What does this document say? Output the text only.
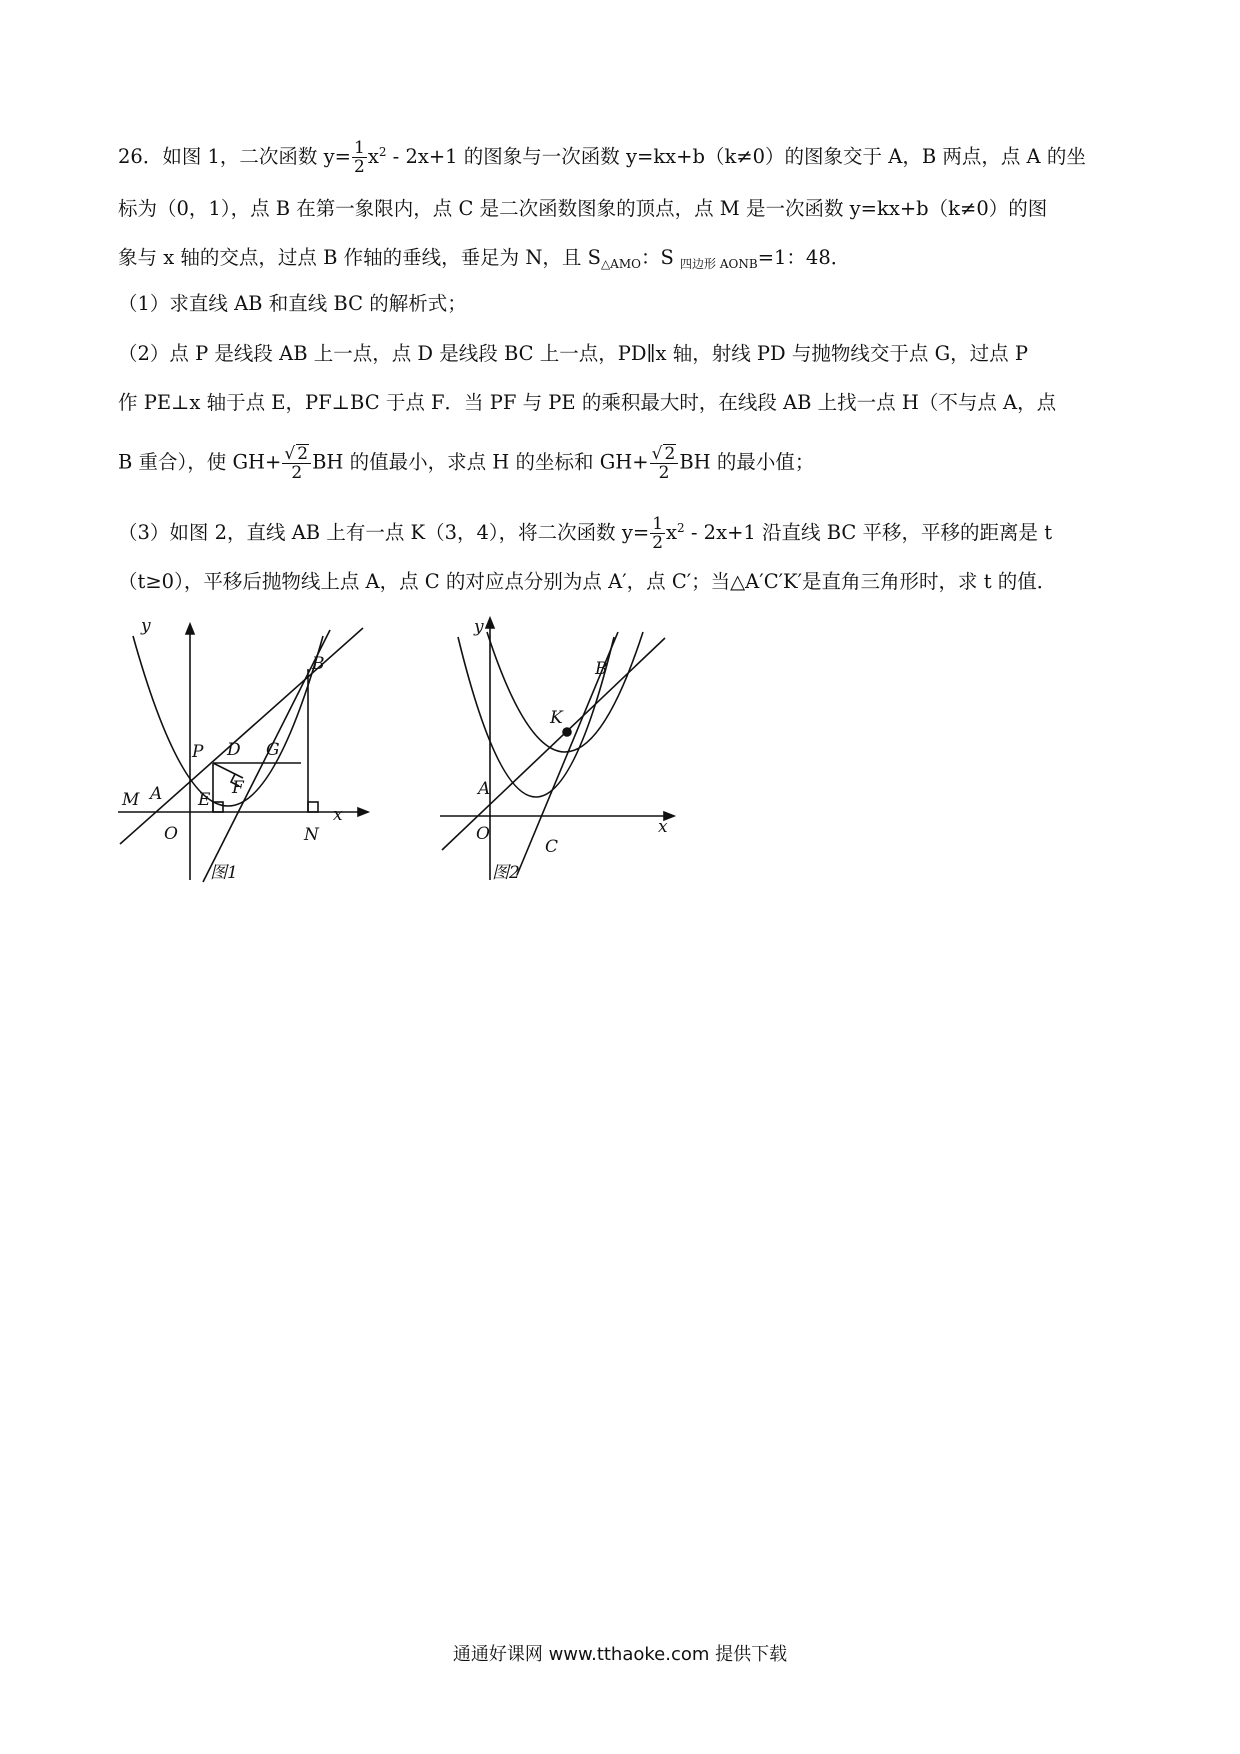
26．如图 1，二次函数 $y= \frac{1}{2} x^2 - 2x+1$ 的图象与一次函数 y=kx+b（k≠0）的图象交于 A，B 两点，点 A 的坐
标为（0，1），点 B 在第一象限内，点 C 是二次函数图象的顶点，点 M 是一次函数 y=kx+b（k≠0）的图
象与 x 轴的交点，过点 B 作轴的垂线，垂足为 N，且 $S_{\triangle AMO}$：S $_{四边形 AONB}$=1：48．
（1）求直线 AB 和直线 BC 的解析式；
（2）点 P 是线段 AB 上一点，点 D 是线段 BC 上一点，PD∥x 轴，射线 PD 与抛物线交于点 G，过点 P
作 PE⊥x 轴于点 E，PF⊥BC 于点 F．当 PF 与 PE 的乘积最大时，在线段 AB 上找一点 H（不与点 A，点
B 重合），使 $GH+ \frac{√ 2}{2}$ BH 的值最小，求点 H 的坐标和 $GH+ \frac{√ 2}{2}$ BH 的最小值；
（3）如图 2，直线 AB 上有一点 K（3，4），将二次函数 $y= \frac{1}{2} x^2 - 2x+1$ 沿直线 BC 平移，平移的距离是 t
（t≥0），平移后抛物线上点 A，点 C 的对应点分别为点 A′，点 C′；当△A′C′K′是直角三角形时，求 t 的值．
y
x
B
P D G
F
M A E
O	N
图1
y
x
B
K
A
O
C
图2
通通好课网 www.tthaoke.com 提供下载
